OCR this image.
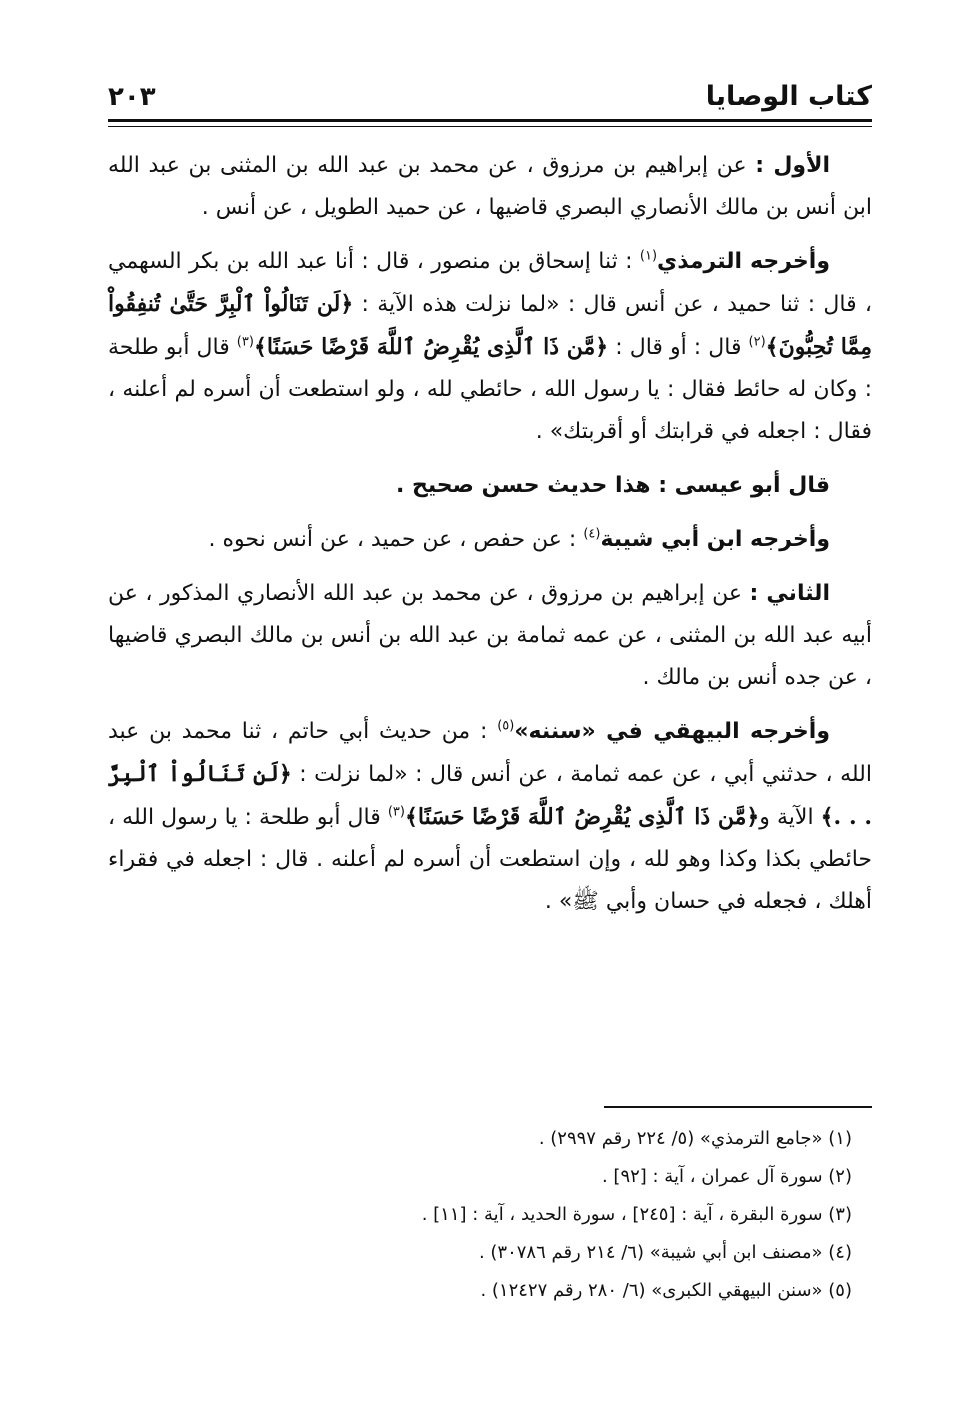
كتاب الوصايا
٢٠٣

الأول : عن إبراهيم بن مرزوق ، عن محمد بن عبد الله بن المثنى بن عبد الله ابن أنس بن مالك الأنصاري البصري قاضيها ، عن حميد الطويل ، عن أنس .

وأخرجه الترمذي$^{(١)}$ : ثنا إسحاق بن منصور ، قال : أنا عبد الله بن بكر السهمي ، قال : ثنا حميد ، عن أنس قال : «لما نزلت هذه الآية : ﴿لَن تَنَالُواْ ٱلْبِرَّ حَتَّىٰ تُنفِقُواْ مِمَّا تُحِبُّونَ﴾$^{(٢)}$ قال : أو قال : ﴿مَّن ذَا ٱلَّذِى يُقْرِضُ ٱللَّهَ قَرْضًا حَسَنًا﴾$^{(٣)}$ قال أبو طلحة : وكان له حائط فقال : يا رسول الله ، حائطي لله ، ولو استطعت أن أسره لم أعلنه ، فقال : اجعله في قرابتك أو أقربتك» .

قال أبو عيسى : هذا حديث حسن صحيح .

وأخرجه ابن أبي شيبة$^{(٤)}$ : عن حفص ، عن حميد ، عن أنس نحوه .

الثاني : عن إبراهيم بن مرزوق ، عن محمد بن عبد الله الأنصاري المذكور ، عن أبيه عبد الله بن المثنى ، عن عمه ثمامة بن عبد الله بن أنس بن مالك البصري قاضيها ، عن جده أنس بن مالك .

وأخرجه البيهقي في «سننه»$^{(٥)}$ : من حديث أبي حاتم ، ثنا محمد بن عبد الله ، حدثني أبي ، عن عمه ثمامة ، عن أنس قال : «لما نزلت : ﴿لَن تَنَالُواْ ٱلْبِرَّ . . .﴾ الآية و﴿مَّن ذَا ٱلَّذِى يُقْرِضُ ٱللَّهَ قَرْضًا حَسَنًا﴾$^{(٣)}$ قال أبو طلحة : يا رسول الله ، حائطي بكذا وكذا وهو لله ، وإن استطعت أن أسره لم أعلنه . قال : اجعله في فقراء أهلك ، فجعله في حسان وأبي ﷺ» .

(١) «جامع الترمذي» (٥/ ٢٢٤ رقم ٢٩٩٧) .
(٢) سورة آل عمران ، آية : [٩٢] .
(٣) سورة البقرة ، آية : [٢٤٥] ، سورة الحديد ، آية : [١١] .
(٤) «مصنف ابن أبي شيبة» (٦/ ٢١٤ رقم ٣٠٧٨٦) .
(٥) «سنن البيهقي الكبرى» (٦/ ٢٨٠ رقم ١٢٤٢٧) .
